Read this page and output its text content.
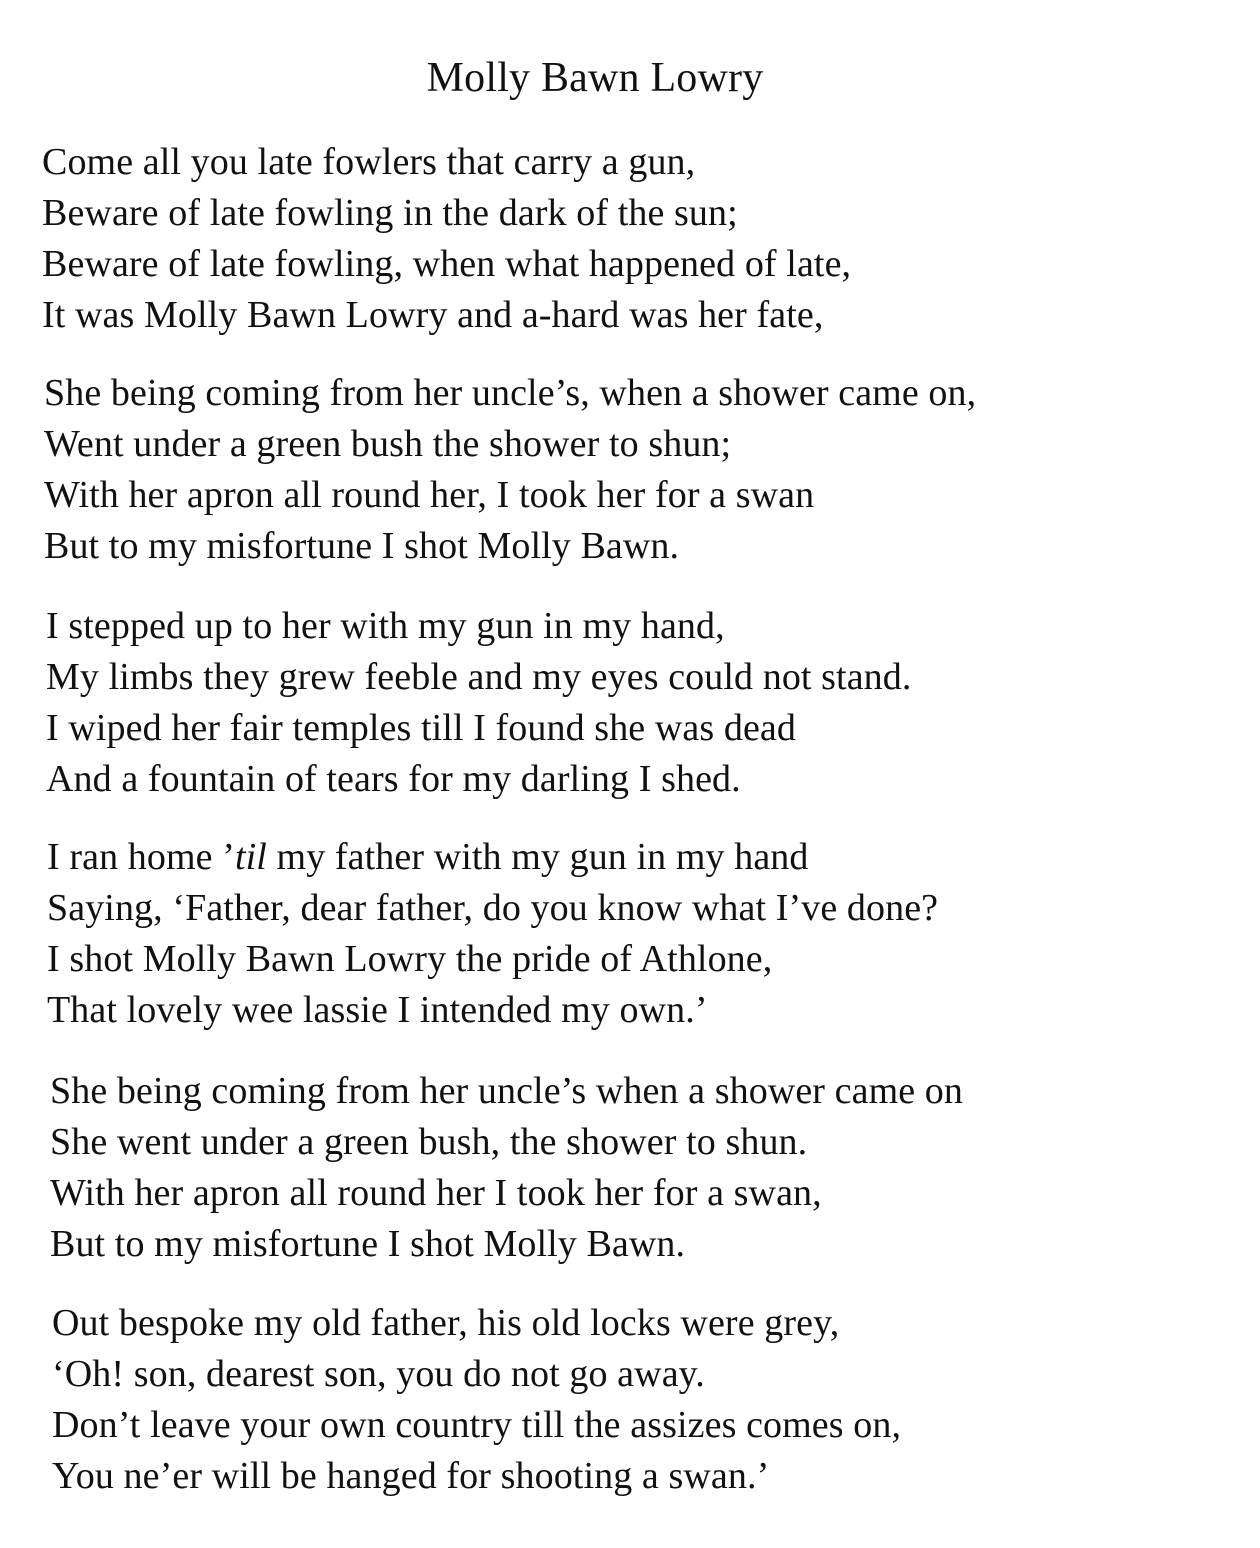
Molly Bawn Lowry
Come all you late fowlers that carry a gun,
Beware of late fowling in the dark of the sun;
Beware of late fowling, when what happened of late,
It was Molly Bawn Lowry and a-hard was her fate,
She being coming from her uncle’s, when a shower came on,
Went under a green bush the shower to shun;
With her apron all round her, I took her for a swan
But to my misfortune I shot Molly Bawn.
I stepped up to her with my gun in my hand,
My limbs they grew feeble and my eyes could not stand.
I wiped her fair temples till I found she was dead
And a fountain of tears for my darling I shed.
I ran home ’til my father with my gun in my hand
Saying, ‘Father, dear father, do you know what I’ve done?
I shot Molly Bawn Lowry the pride of Athlone,
That lovely wee lassie I intended my own.’
She being coming from her uncle’s when a shower came on
She went under a green bush, the shower to shun.
With her apron all round her I took her for a swan,
But to my misfortune I shot Molly Bawn.
Out bespoke my old father, his old locks were grey,
‘Oh! son, dearest son, you do not go away.
Don’t leave your own country till the assizes comes on,
You ne’er will be hanged for shooting a swan.’
